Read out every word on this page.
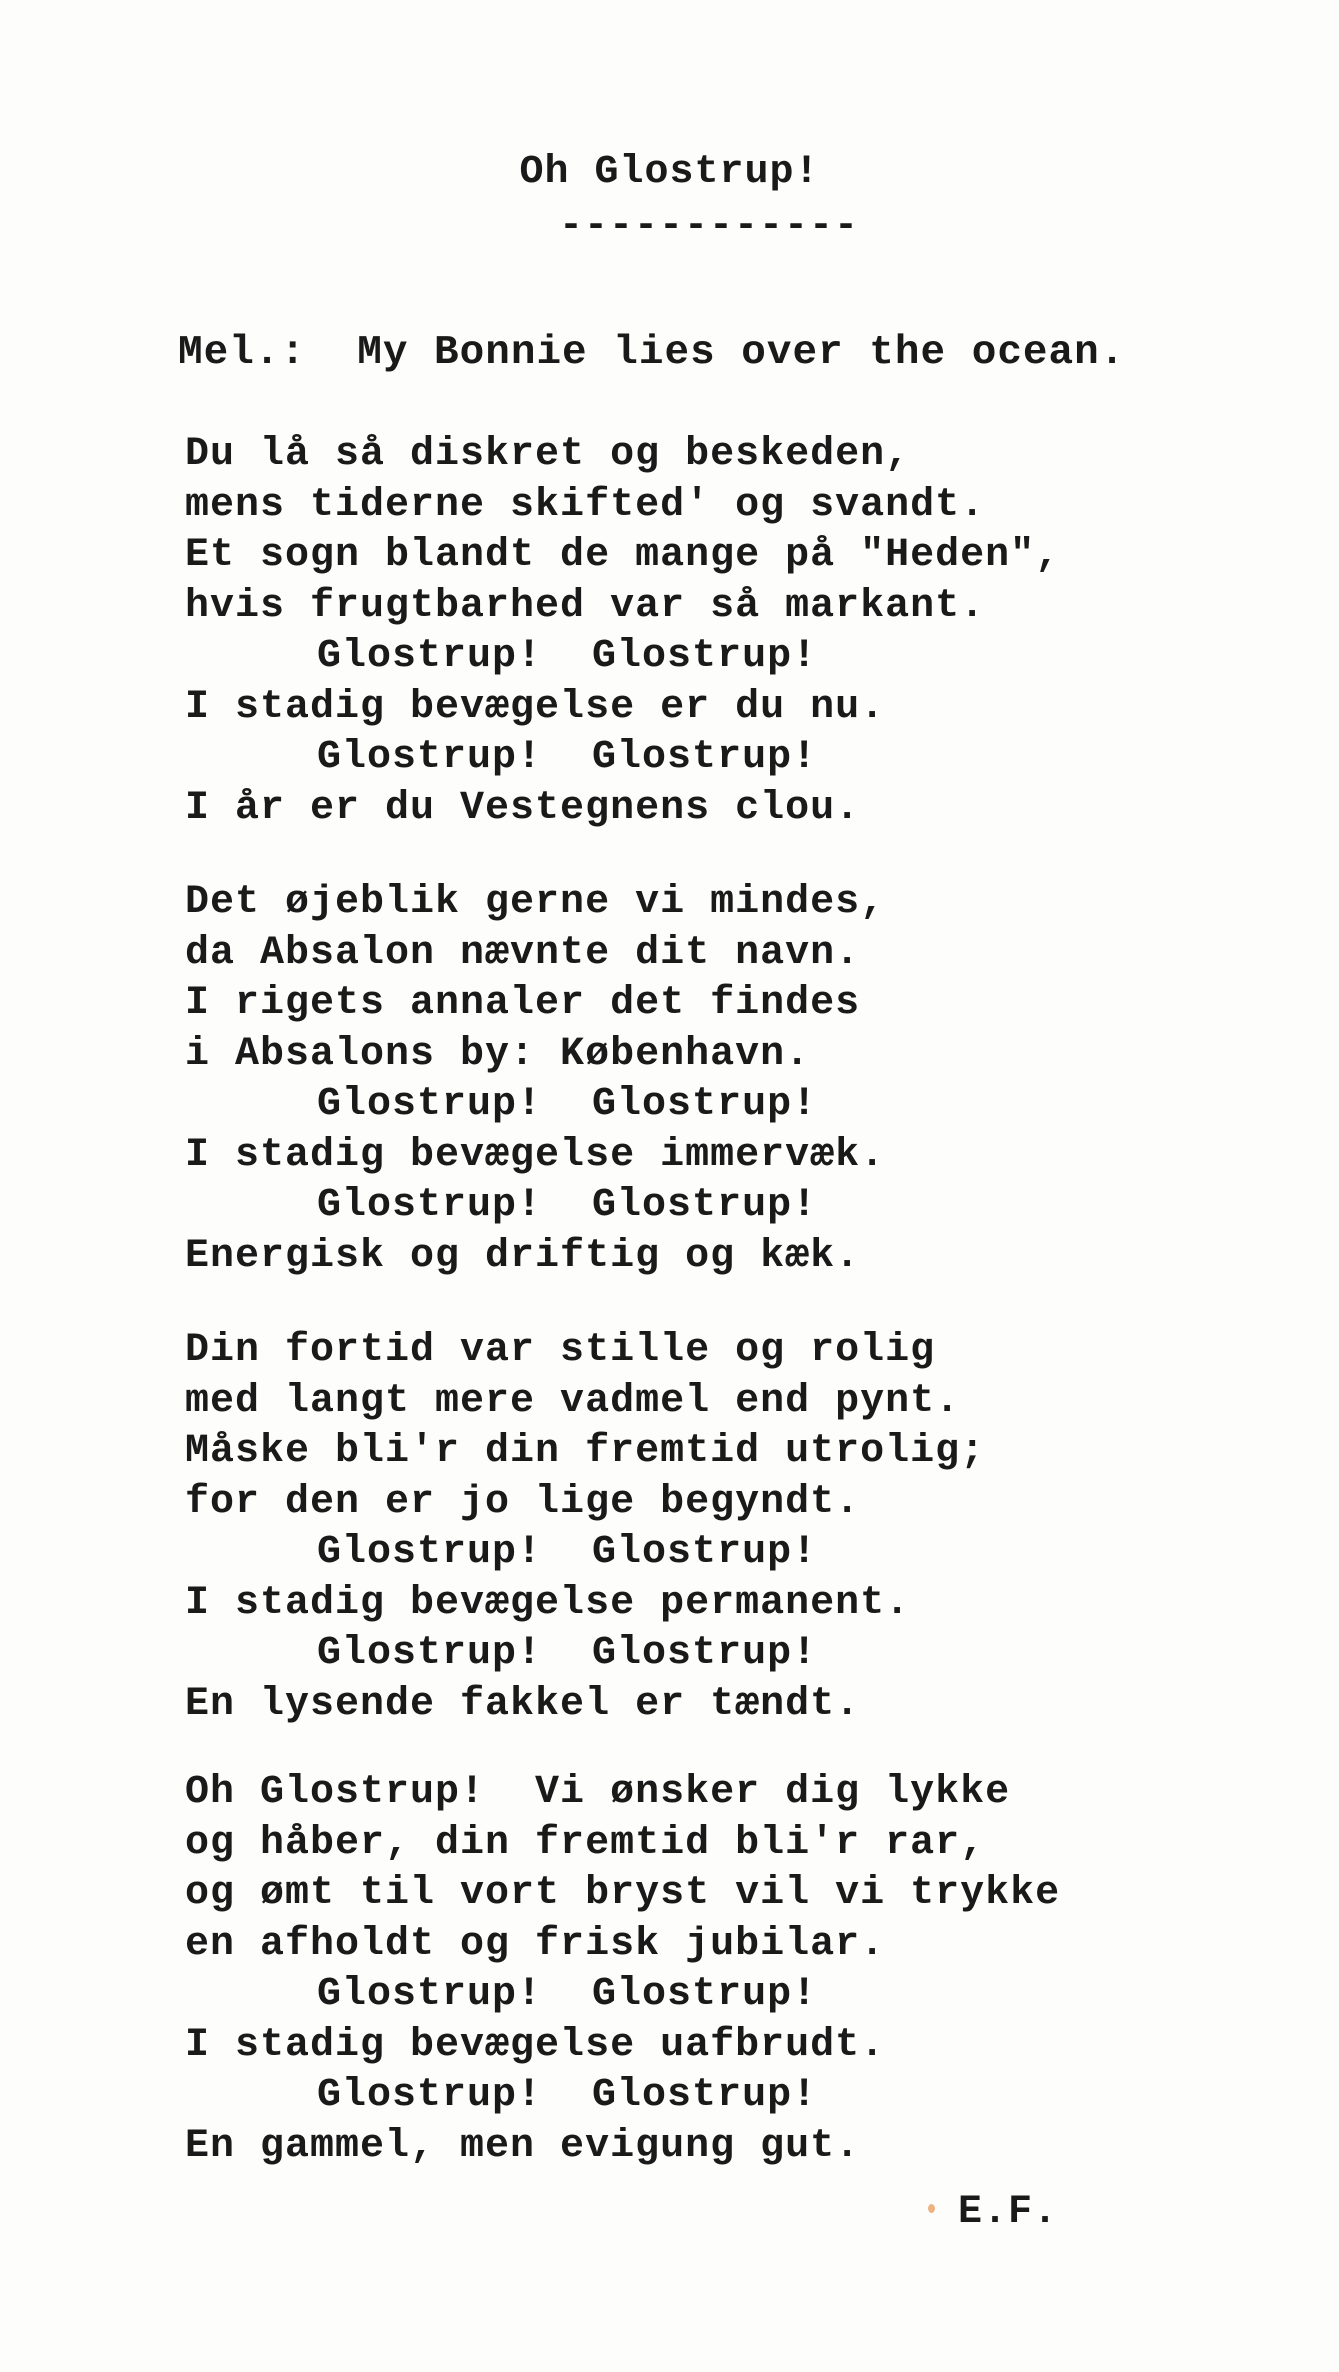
Oh Glostrup!
------------
Mel.:  My Bonnie lies over the ocean.
Du lå så diskret og beskeden,
mens tiderne skifted' og svandt.
Et sogn blandt de mange på "Heden",
hvis frugtbarhed var så markant.
Glostrup!  Glostrup!
I stadig bevægelse er du nu.
Glostrup!  Glostrup!
I år er du Vestegnens clou.
Det øjeblik gerne vi mindes,
da Absalon nævnte dit navn.
I rigets annaler det findes
i Absalons by: København.
Glostrup!  Glostrup!
I stadig bevægelse immervæk.
Glostrup!  Glostrup!
Energisk og driftig og kæk.
Din fortid var stille og rolig
med langt mere vadmel end pynt.
Måske bli'r din fremtid utrolig;
for den er jo lige begyndt.
Glostrup!  Glostrup!
I stadig bevægelse permanent.
Glostrup!  Glostrup!
En lysende fakkel er tændt.
Oh Glostrup!  Vi ønsker dig lykke
og håber, din fremtid bli'r rar,
og ømt til vort bryst vil vi trykke
en afholdt og frisk jubilar.
Glostrup!  Glostrup!
I stadig bevægelse uafbrudt.
Glostrup!  Glostrup!
En gammel, men evigung gut.
E.F.
